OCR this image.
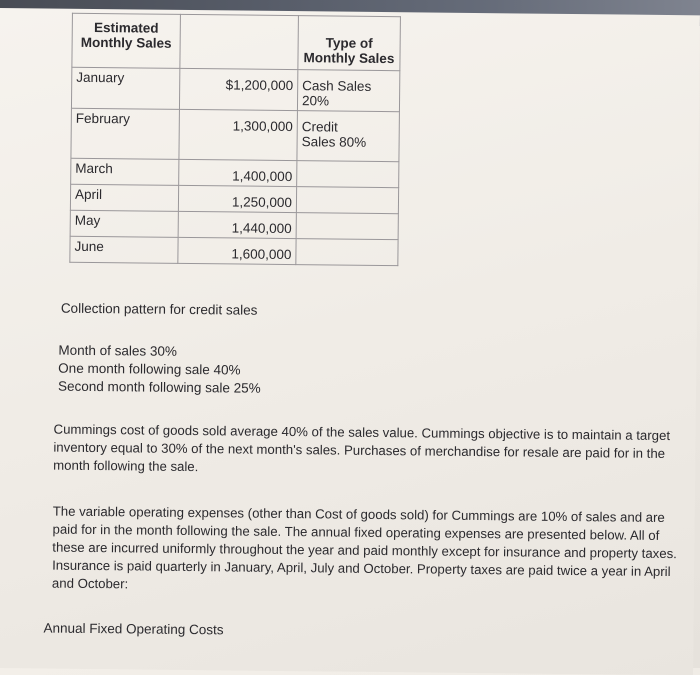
Estimated Monthly Sales		Type of Monthly Sales
January	$1,200,000	Cash Sales 20%
February	1,300,000	Credit Sales 80%
March	1,400,000	
April	1,250,000	
May	1,440,000	
June	1,600,000	
Collection pattern for credit sales
Month of sales 30%
One month following sale 40%
Second month following sale 25%
Cummings cost of goods sold average 40% of the sales value. Cummings objective is to maintain a target inventory equal to 30% of the next month's sales. Purchases of merchandise for resale are paid for in the month following the sale.
The variable operating expenses (other than Cost of goods sold) for Cummings are 10% of sales and are paid for in the month following the sale. The annual fixed operating expenses are presented below. All of these are incurred uniformly throughout the year and paid monthly except for insurance and property taxes. Insurance is paid quarterly in January, April, July and October. Property taxes are paid twice a year in April and October:
Annual Fixed Operating Costs
